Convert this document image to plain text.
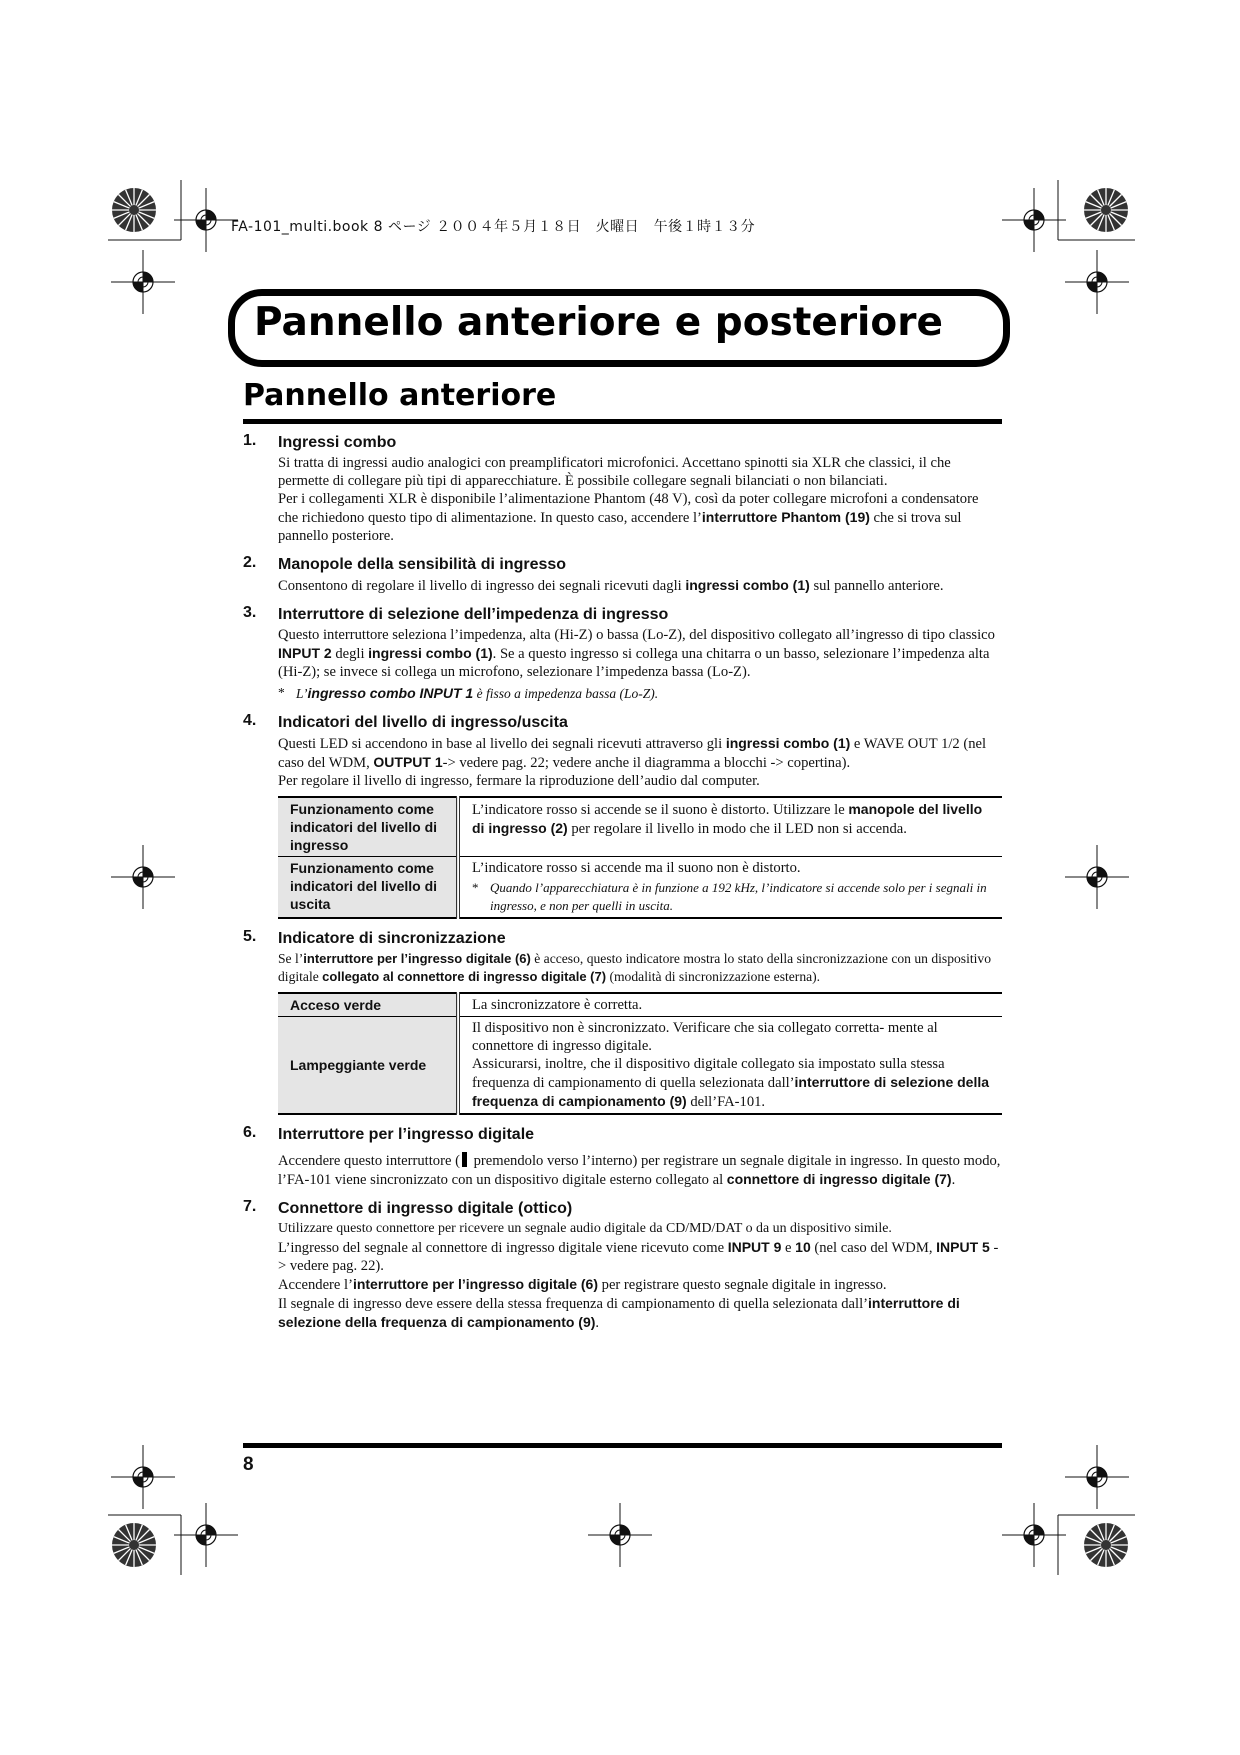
FA-101_multi.book 8 ページ ２００４年５月１８日　火曜日　午後１時１３分
Pannello anteriore e posteriore
Pannello anteriore
1. Ingressi combo
Si tratta di ingressi audio analogici con preamplificatori microfonici. Accettano spinotti sia XLR che classici, il che permette di collegare più tipi di apparecchiature. È possibile collegare segnali bilanciati o non bilanciati.
Per i collegamenti XLR è disponibile l’alimentazione Phantom (48 V), così da poter collegare microfoni a condensatore che richiedono questo tipo di alimentazione. In questo caso, accendere l’interruttore Phantom (19) che si trova sul pannello posteriore.
2. Manopole della sensibilità di ingresso
Consentono di regolare il livello di ingresso dei segnali ricevuti dagli ingressi combo (1) sul pannello anteriore.
3. Interruttore di selezione dell’impedenza di ingresso
Questo interruttore seleziona l’impedenza, alta (Hi-Z) o bassa (Lo-Z), del dispositivo collegato all’ingresso di tipo classico INPUT 2 degli ingressi combo (1). Se a questo ingresso si collega una chitarra o un basso, selezionare l’impedenza alta (Hi-Z); se invece si collega un microfono, selezionare l’impedenza bassa (Lo-Z).
* L’ingresso combo INPUT 1 è fisso a impedenza bassa (Lo-Z).
4. Indicatori del livello di ingresso/uscita
Questi LED si accendono in base al livello dei segnali ricevuti attraverso gli ingressi combo (1) e WAVE OUT 1/2 (nel caso del WDM, OUTPUT 1-> vedere pag. 22; vedere anche il diagramma a blocchi -> copertina).
Per regolare il livello di ingresso, fermare la riproduzione dell’audio dal computer.
Funzionamento come indicatori del livello di ingresso	L’indicatore rosso si accende se il suono è distorto. Utilizzare le manopole del livello di ingresso (2) per regolare il livello in modo che il LED non si accenda.
Funzionamento come indicatori del livello di uscita	L’indicatore rosso si accende ma il suono non è distorto.
* Quando l’apparecchiatura è in funzione a 192 kHz, l’indicatore si accende solo per i segnali in ingresso, e non per quelli in uscita.
5. Indicatore di sincronizzazione
Se l’interruttore per l’ingresso digitale (6) è acceso, questo indicatore mostra lo stato della sincronizzazione con un dispositivo digitale collegato al connettore di ingresso digitale (7) (modalità di sincronizzazione esterna).
Acceso verde	La sincronizzatore è corretta.
Lampeggiante verde	Il dispositivo non è sincronizzato. Verificare che sia collegato corretta- mente al connettore di ingresso digitale.
Assicurarsi, inoltre, che il dispositivo digitale collegato sia impostato sulla stessa frequenza di campionamento di quella selezionata dall’interruttore di selezione della frequenza di campionamento (9) dell’FA-101.
6. Interruttore per l’ingresso digitale
Accendere questo interruttore ( premendolo verso l’interno) per registrare un segnale digitale in ingresso. In questo modo, l’FA-101 viene sincronizzato con un dispositivo digitale esterno collegato al connettore di ingresso digitale (7).
7. Connettore di ingresso digitale (ottico)
Utilizzare questo connettore per ricevere un segnale audio digitale da CD/MD/DAT o da un dispositivo simile.
L’ingresso del segnale al connettore di ingresso digitale viene ricevuto come INPUT 9 e 10 (nel caso del WDM, INPUT 5 -> vedere pag. 22).
Accendere l’interruttore per l’ingresso digitale (6) per registrare questo segnale digitale in ingresso.
Il segnale di ingresso deve essere della stessa frequenza di campionamento di quella selezionata dall’interruttore di selezione della frequenza di campionamento (9).
8
